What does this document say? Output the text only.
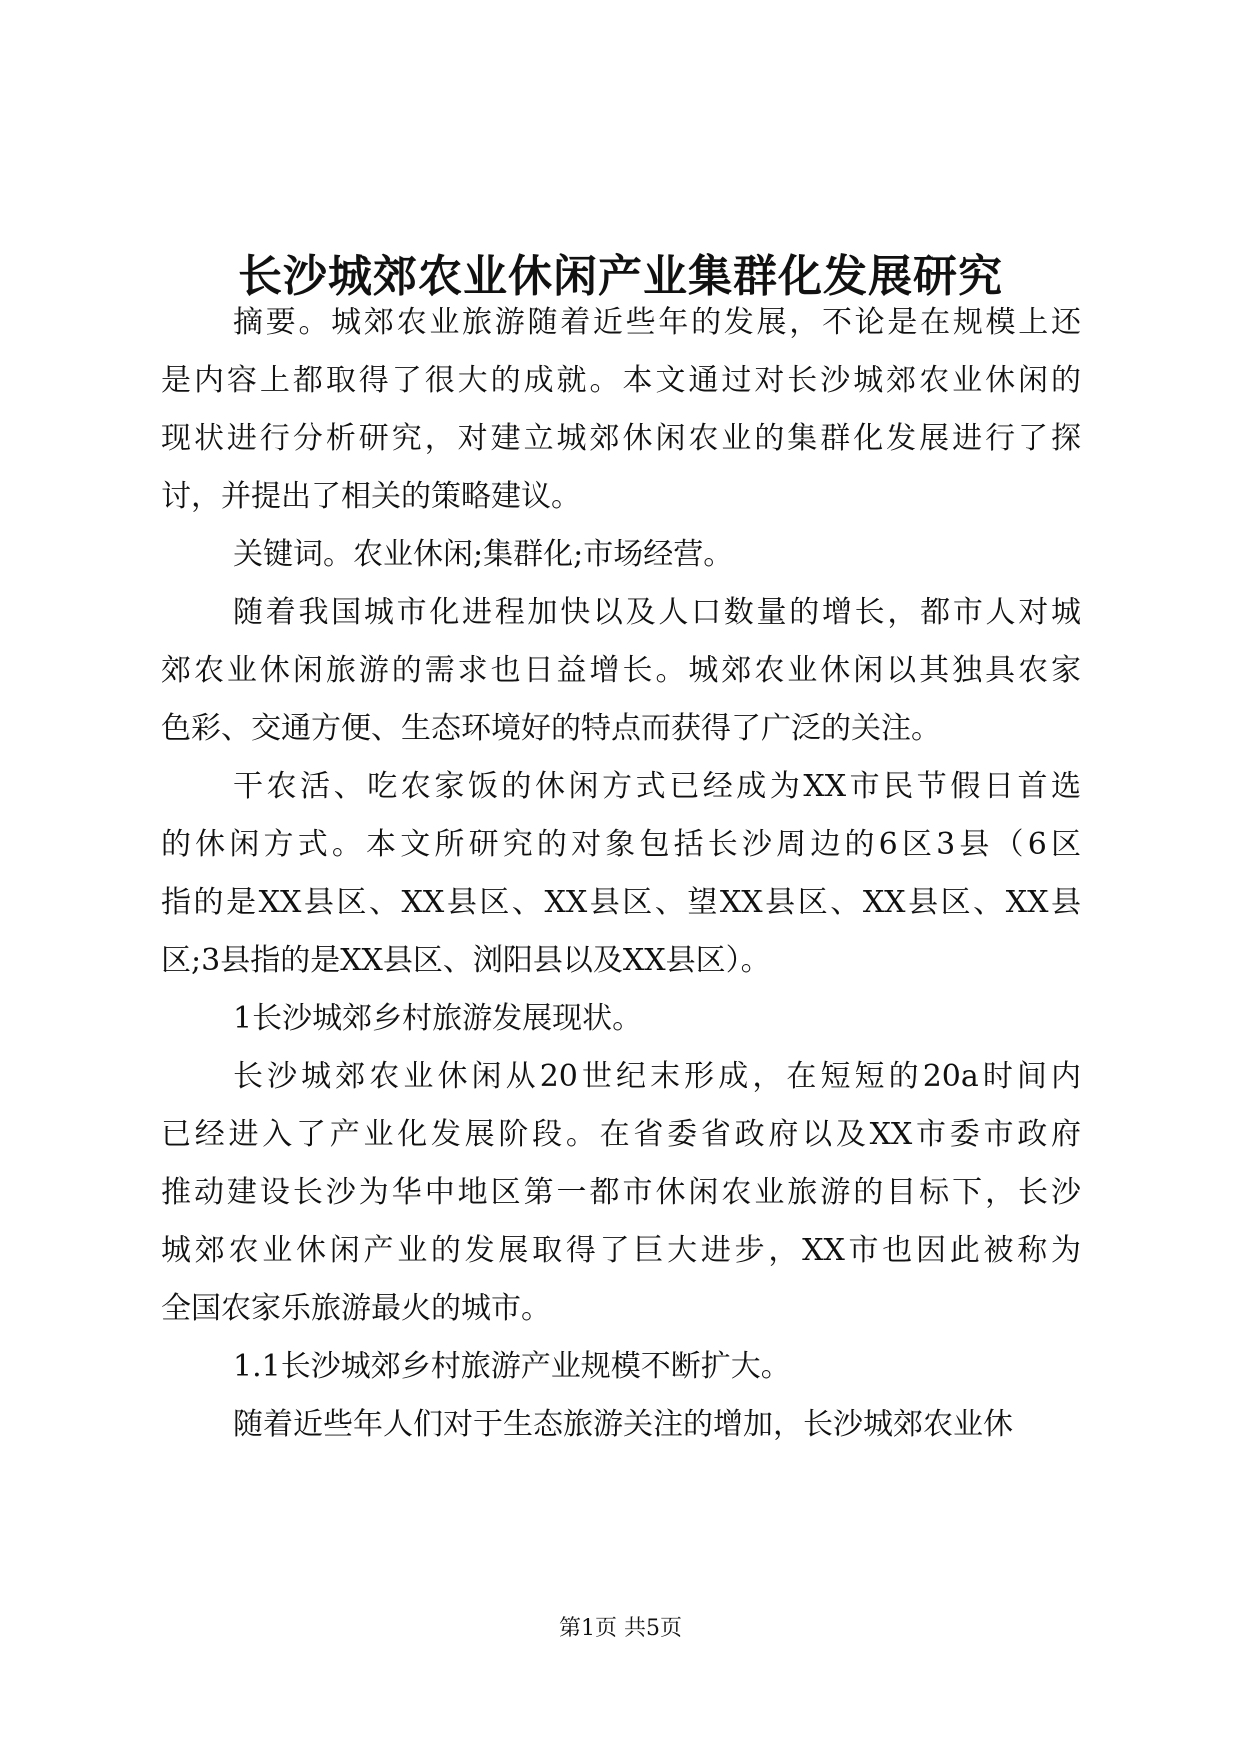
长沙城郊农业休闲产业集群化发展研究
摘要。城郊农业旅游随着近些年的发展，不论是在规模上还
是内容上都取得了很大的成就。本文通过对长沙城郊农业休闲的
现状进行分析研究，对建立城郊休闲农业的集群化发展进行了探
讨，并提出了相关的策略建议。
关键词。农业休闲;集群化;市场经营。
随着我国城市化进程加快以及人口数量的增长，都市人对城
郊农业休闲旅游的需求也日益增长。城郊农业休闲以其独具农家
色彩、交通方便、生态环境好的特点而获得了广泛的关注。
干农活、吃农家饭的休闲方式已经成为XX市民节假日首选
的休闲方式。本文所研究的对象包括长沙周边的6区3县（6区
指的是XX县区、XX县区、XX县区、望XX县区、XX县区、XX县
区;3县指的是XX县区、浏阳县以及XX县区）。
1长沙城郊乡村旅游发展现状。
长沙城郊农业休闲从20世纪末形成，在短短的20a时间内
已经进入了产业化发展阶段。在省委省政府以及XX市委市政府
推动建设长沙为华中地区第一都市休闲农业旅游的目标下，长沙
城郊农业休闲产业的发展取得了巨大进步，XX市也因此被称为
全国农家乐旅游最火的城市。
1.1长沙城郊乡村旅游产业规模不断扩大。
随着近些年人们对于生态旅游关注的增加，长沙城郊农业休
第1页 共5页
